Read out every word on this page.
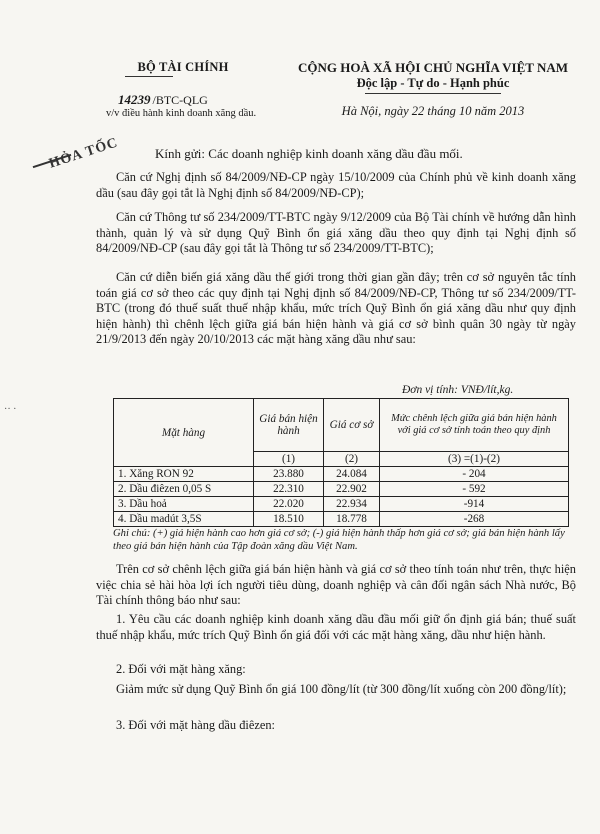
BỘ TÀI CHÍNH
14239 /BTC-QLG
v/v điều hành kinh doanh xăng dầu.
CỘNG HOÀ XÃ HỘI CHỦ NGHĨA VIỆT NAM
Độc lập - Tự do - Hạnh phúc
Hà Nội, ngày 22 tháng 10 năm 2013
HỎA TỐC	Kính gửi: Các doanh nghiệp kinh doanh xăng dầu đầu mối.

Căn cứ Nghị định số 84/2009/NĐ-CP ngày 15/10/2009 của Chính phủ về kinh doanh xăng dầu (sau đây gọi tắt là Nghị định số 84/2009/NĐ-CP);

Căn cứ Thông tư số 234/2009/TT-BTC ngày 9/12/2009 của Bộ Tài chính về hướng dẫn hình thành, quản lý và sử dụng Quỹ Bình ổn giá xăng dầu theo quy định tại Nghị định số 84/2009/NĐ-CP (sau đây gọi tắt là Thông tư số 234/2009/TT-BTC);

Căn cứ diễn biến giá xăng dầu thế giới trong thời gian gần đây; trên cơ sở nguyên tắc tính toán giá cơ sở theo các quy định tại Nghị định số 84/2009/NĐ-CP, Thông tư số 234/2009/TT-BTC (trong đó thuế suất thuế nhập khẩu, mức trích Quỹ Bình ổn giá xăng dầu như quy định hiện hành) thì chênh lệch giữa giá bán hiện hành và giá cơ sở bình quân 30 ngày từ ngày 21/9/2013 đến ngày 20/10/2013 các mặt hàng xăng dầu như sau:

·· ·
Đơn vị tính: VNĐ/lít,kg.
Mặt hàng	Giá bán hiện hành	Giá cơ sở	Mức chênh lệch giữa giá bán hiện hành với giá cơ sở tính toán theo quy định
	(1)	(2)	(3) =(1)-(2)
1. Xăng RON 92	23.880	24.084	- 204
2. Dầu điêzen 0,05 S	22.310	22.902	- 592
3. Dầu hoả	22.020	22.934	-914
4. Dầu madút 3,5S	18.510	18.778	-268
Ghi chú: (+) giá hiện hành cao hơn giá cơ sở; (-) giá hiện hành thấp hơn giá cơ sở; giá bán hiện hành lấy theo giá bán hiện hành của Tập đoàn xăng dầu Việt Nam.

Trên cơ sở chênh lệch giữa giá bán hiện hành và giá cơ sở theo tính toán như trên, thực hiện việc chia sẻ hài hòa lợi ích người tiêu dùng, doanh nghiệp và cân đối ngân sách Nhà nước, Bộ Tài chính thông báo như sau:

1. Yêu cầu các doanh nghiệp kinh doanh xăng dầu đầu mối giữ ổn định giá bán; thuế suất thuế nhập khẩu, mức trích Quỹ Bình ổn giá đối với các mặt hàng xăng, dầu như hiện hành.

2. Đối với mặt hàng xăng:

Giảm mức sử dụng Quỹ Bình ổn giá 100 đồng/lít (từ 300 đồng/lít xuống còn 200 đồng/lít);

3. Đối với mặt hàng dầu điêzen:
